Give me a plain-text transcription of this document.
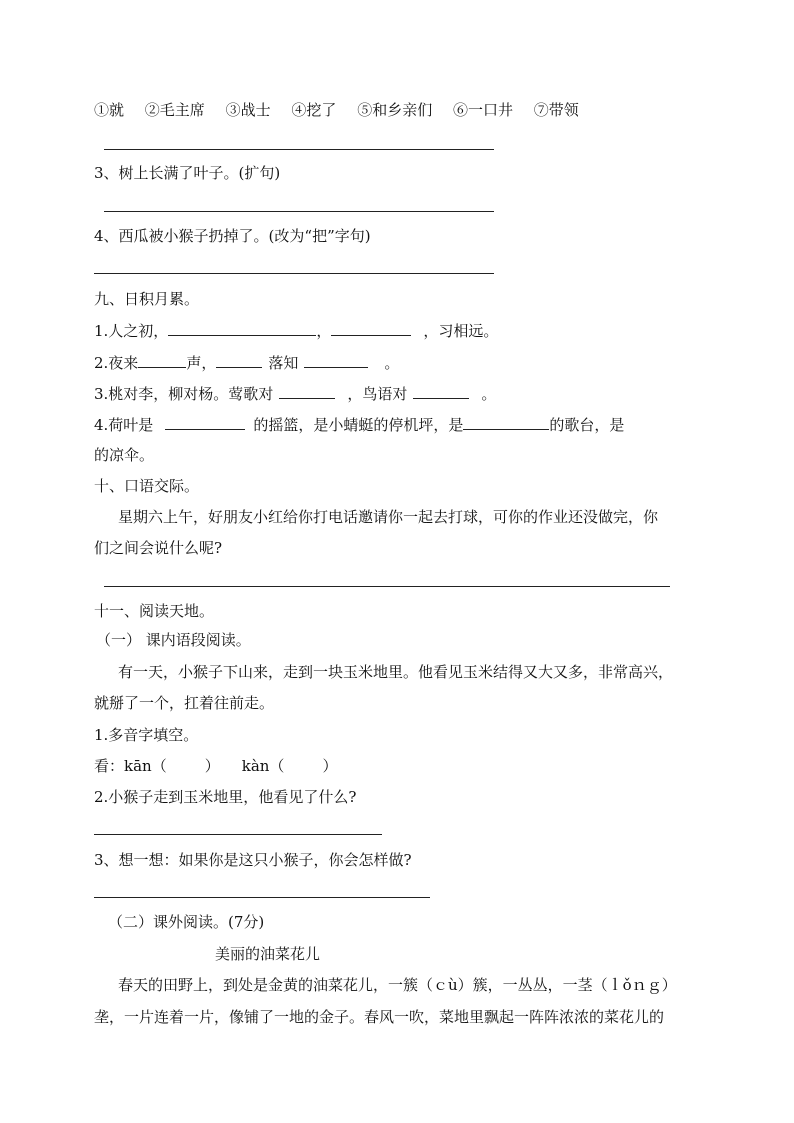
①就 ②毛主席 ③战士 ④挖了 ⑤和乡亲们 ⑥一口井 ⑦带领
3、树上长满了叶子。(扩句)
4、西瓜被小猴子扔掉了。(改为“把”字句)
九、日积月累。
1.人之初，	，	，习相远。
2.夜来	声，	落知	。
3.桃对李，柳对杨。莺歌对	，鸟语对	。
4.荷叶是	的摇篮，是小蜻蜓的停机坪，是	的歌台，是
的凉伞。
十、口语交际。
星期六上午，好朋友小红给你打电话邀请你一起去打球，可你的作业还没做完，你
们之间会说什么呢?
十一、阅读天地。
（一） 课内语段阅读。
有一天，小猴子下山来，走到一块玉米地里。他看见玉米结得又大又多，非常高兴，
就掰了一个，扛着往前走。
1.多音字填空。
看：kān（	） kàn（	）
2.小猴子走到玉米地里，他看见了什么?
3、想一想：如果你是这只小猴子，你会怎样做?
（二）课外阅读。(7分)
美丽的油菜花儿
春天的田野上，到处是金黄的油菜花儿，一簇（ｃù）簇，一丛丛，一茎（ｌǒｎｇ）
垄，一片连着一片，像铺了一地的金子。春风一吹，菜地里飘起一阵阵浓浓的菜花儿的
